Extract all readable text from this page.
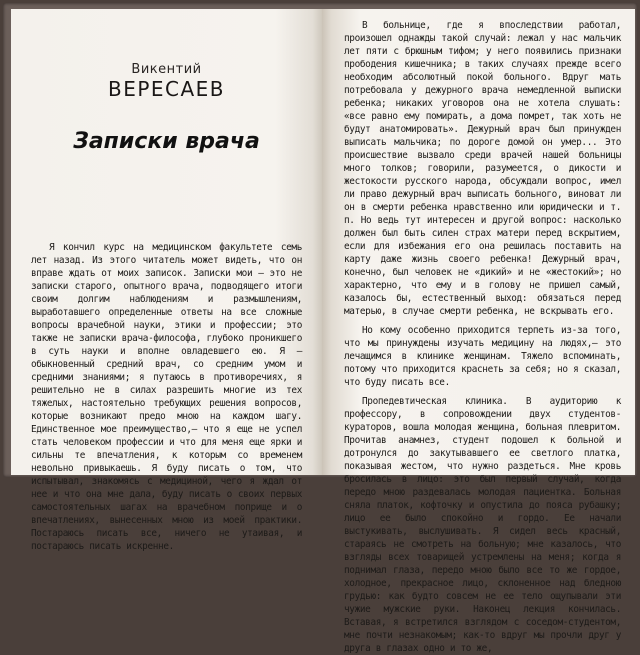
Викентий
ВЕРЕСАЕВ
Записки врача
Я кончил курс на медицинском факультете семь лет назад. Из этого читатель может видеть, что он вправе ждать от моих записок. Записки мои — это не записки старого, опытного врача, подводящего итоги своим долгим наблюдениям и размышлениям, выработавшего определенные ответы на все сложные вопросы врачебной науки, этики и профессии; это также не записки врача-философа, глубоко проникшего в суть науки и вполне овладевшего ею. Я — обыкновенный средний врач, со средним умом и средними знаниями; я путаюсь в противоречиях, я решительно не в силах разрешить многие из тех тяжелых, настоятельно требующих решения вопросов, которые возникают предо мною на каждом шагу. Единственное мое преимущество,— что я еще не успел стать человеком профессии и что для меня еще ярки и сильны те впечатления, к которым со временем невольно привыкаешь. Я буду писать о том, что испытывал, знакомясь с медициной, чего я ждал от нее и что она мне дала, буду писать о своих первых самостоятельных шагах на врачебном поприще и о впечатлениях, вынесенных мною из моей практики. Постараюсь писать все, ничего не утаивая, и постараюсь писать искренне.

В больнице, где я впоследствии работал, произошел однажды такой случай: лежал у нас мальчик лет пяти с брюшным тифом; у него появились признаки прободения кишечника; в таких случаях прежде всего необходим абсолютный покой больного. Вдруг мать потребовала у дежурного врача немедленной выписки ребенка; никаких уговоров она не хотела слушать: «все равно ему помирать, а дома помрет, так хоть не будут анатомировать». Дежурный врач был принужден выписать мальчика; по дороге домой он умер... Это происшествие вызвало среди врачей нашей больницы много толков; говорили, разумеется, о дикости и жестокости русского народа, обсуждали вопрос, имел ли право дежурный врач выписать больного, виноват ли он в смерти ребенка нравственно или юридически и т. п. Но ведь тут интересен и другой вопрос: насколько должен был быть силен страх матери перед вскрытием, если для избежания его она решилась поставить на карту даже жизнь своего ребенка! Дежурный врач, конечно, был человек не «дикий» и не «жестокий»; но характерно, что ему и в голову не пришел самый, казалось бы, естественный выход: обязаться перед матерью, в случае смерти ребенка, не вскрывать его.

Но кому особенно приходится терпеть из-за того, что мы принуждены изучать медицину на людях,— это лечащимся в клинике женщинам. Тяжело вспоминать, потому что приходится краснеть за себя; но я сказал, что буду писать все.

Пропедевтическая клиника. В аудиторию к профессору, в сопровождении двух студентов-кураторов, вошла молодая женщина, больная плевритом. Прочитав анамнез, студент подошел к больной и дотронулся до закутывавшего ее светлого платка, показывая жестом, что нужно раздеться. Мне кровь бросилась в лицо: это был первый случай, когда передо мною раздевалась молодая пациентка. Больная сняла платок, кофточку и опустила до пояса рубашку; лицо ее было спокойно и гордо. Ее начали выстукивать, выслушивать. Я сидел весь красный, стараясь не смотреть на больную; мне казалось, что взгляды всех товарищей устремлены на меня; когда я поднимал глаза, передо мною было все то же гордое, холодное, прекрасное лицо, склоненное над бледною грудью: как будто совсем не ее тело ощупывали эти чужие мужские руки. Наконец лекция кончилась. Вставая, я встретился взглядом с соседом-студентом, мне почти незнакомым; как-то вдруг мы прочли друг у друга в глазах одно и то же,
